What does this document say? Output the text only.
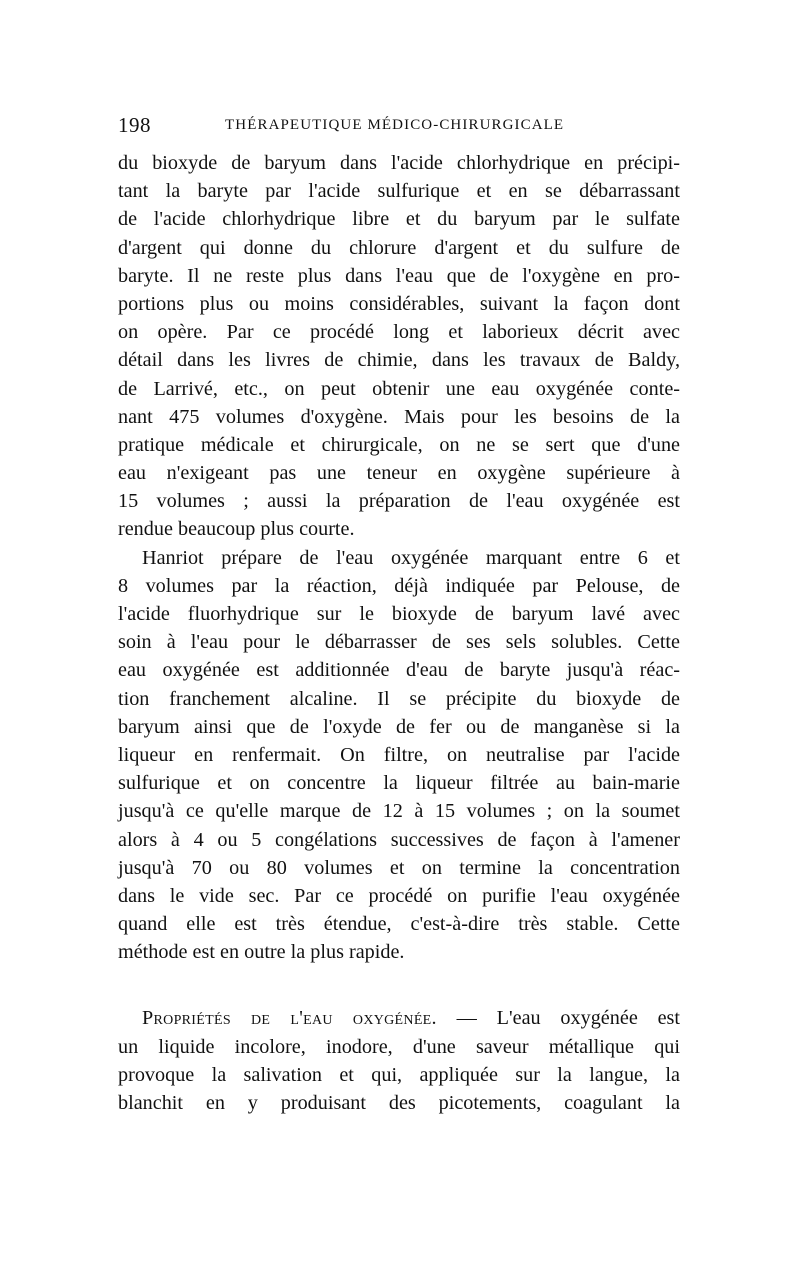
198	THÉRAPEUTIQUE MÉDICO-CHIRURGICALE
du bioxyde de baryum dans l'acide chlorhydrique en précipi-
tant la baryte par l'acide sulfurique et en se débarrassant
de l'acide chlorhydrique libre et du baryum par le sulfate
d'argent qui donne du chlorure d'argent et du sulfure de
baryte. Il ne reste plus dans l'eau que de l'oxygène en pro-
portions plus ou moins considérables, suivant la façon dont
on opère. Par ce procédé long et laborieux décrit avec
détail dans les livres de chimie, dans les travaux de Baldy,
de Larrivé, etc., on peut obtenir une eau oxygénée conte-
nant 475 volumes d'oxygène. Mais pour les besoins de la
pratique médicale et chirurgicale, on ne se sert que d'une
eau n'exigeant pas une teneur en oxygène supérieure à
15 volumes ; aussi la préparation de l'eau oxygénée est
rendue beaucoup plus courte.
Hanriot prépare de l'eau oxygénée marquant entre 6 et
8 volumes par la réaction, déjà indiquée par Pelouse, de
l'acide fluorhydrique sur le bioxyde de baryum lavé avec
soin à l'eau pour le débarrasser de ses sels solubles. Cette
eau oxygénée est additionnée d'eau de baryte jusqu'à réac-
tion franchement alcaline. Il se précipite du bioxyde de
baryum ainsi que de l'oxyde de fer ou de manganèse si la
liqueur en renfermait. On filtre, on neutralise par l'acide
sulfurique et on concentre la liqueur filtrée au bain-marie
jusqu'à ce qu'elle marque de 12 à 15 volumes ; on la soumet
alors à 4 ou 5 congélations successives de façon à l'amener
jusqu'à 70 ou 80 volumes et on termine la concentration
dans le vide sec. Par ce procédé on purifie l'eau oxygénée
quand elle est très étendue, c'est-à-dire très stable. Cette
méthode est en outre la plus rapide.
Propriétés de l'eau oxygénée. — L'eau oxygénée est
un liquide incolore, inodore, d'une saveur métallique qui
provoque la salivation et qui, appliquée sur la langue, la
blanchit en y produisant des picotements, coagulant la
